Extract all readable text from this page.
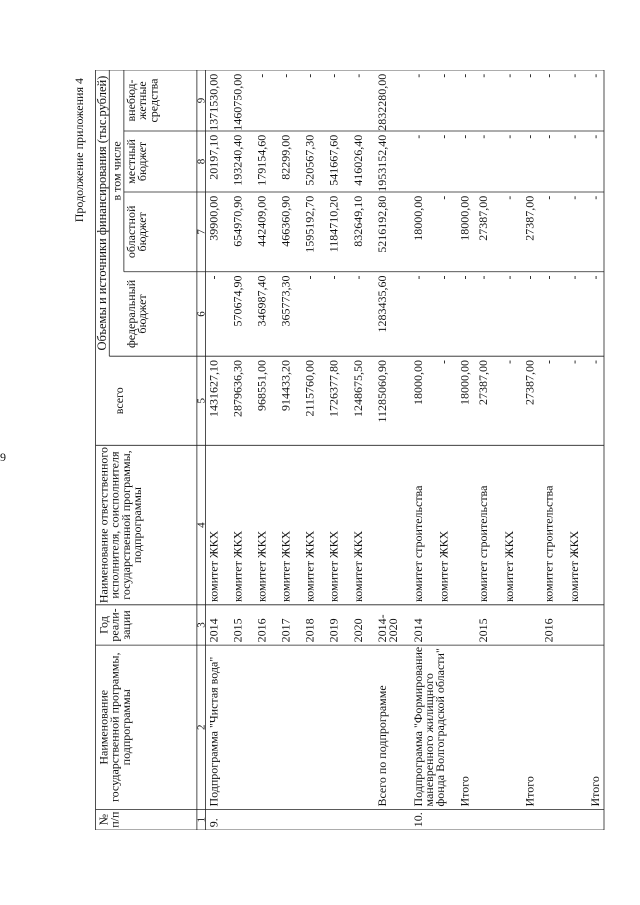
9
Продолжение приложения 4 Объемы и источники финансирования (тыс.рублей) в том числе
№
п/п
Наименование
государственной программы,
подпрограммы
Год
реали-
зации
Наименование ответственного
исполнителя, соисполнителя
государственной программы,
подпрограммы
всего
федеральный
бюджет
областной
бюджет
местный
бюджет
внебюд-
жетные
средства
1
2
3
4
5
6
7
8
9
9.
Подпрограмма "Чистая вода"
2014
комитет ЖКХ
1431627,10
-
39900,00
20197,10
1371530,00
2015
комитет ЖКХ
2879636,30
570674,90
654970,90
193240,40
1460750,00
2016
комитет ЖКХ
968551,00
346987,40
442409,00
179154,60
-
2017
комитет ЖКХ
914433,20
365773,30
466360,90
82299,00
-
2018
комитет ЖКХ
2115760,00
-
1595192,70
520567,30
-
2019
комитет ЖКХ
1726377,80
-
1184710,20
541667,60
-
2020
комитет ЖКХ
1248675,50
-
832649,10
416026,40
-
Всего по подпрограмме
2014-
2020
11285060,90
1283435,60
5216192,80
1953152,40
2832280,00
10.
Подпрограмма "Формирование
маневренного жилищного
фонда Волгоградской области"
2014
комитет строительства
18000,00
-
18000,00
-
-
комитет ЖКХ
-
-
-
-
-
Итого
18000,00
-
18000,00
-
-
2015
комитет строительства
27387,00
-
27387,00
-
-
комитет ЖКХ
-
-
-
-
-
Итого
27387,00
-
27387,00
-
-
2016
комитет строительства
-
-
-
-
-
комитет ЖКХ
-
-
-
-
-
Итого
-
-
-
-
-
